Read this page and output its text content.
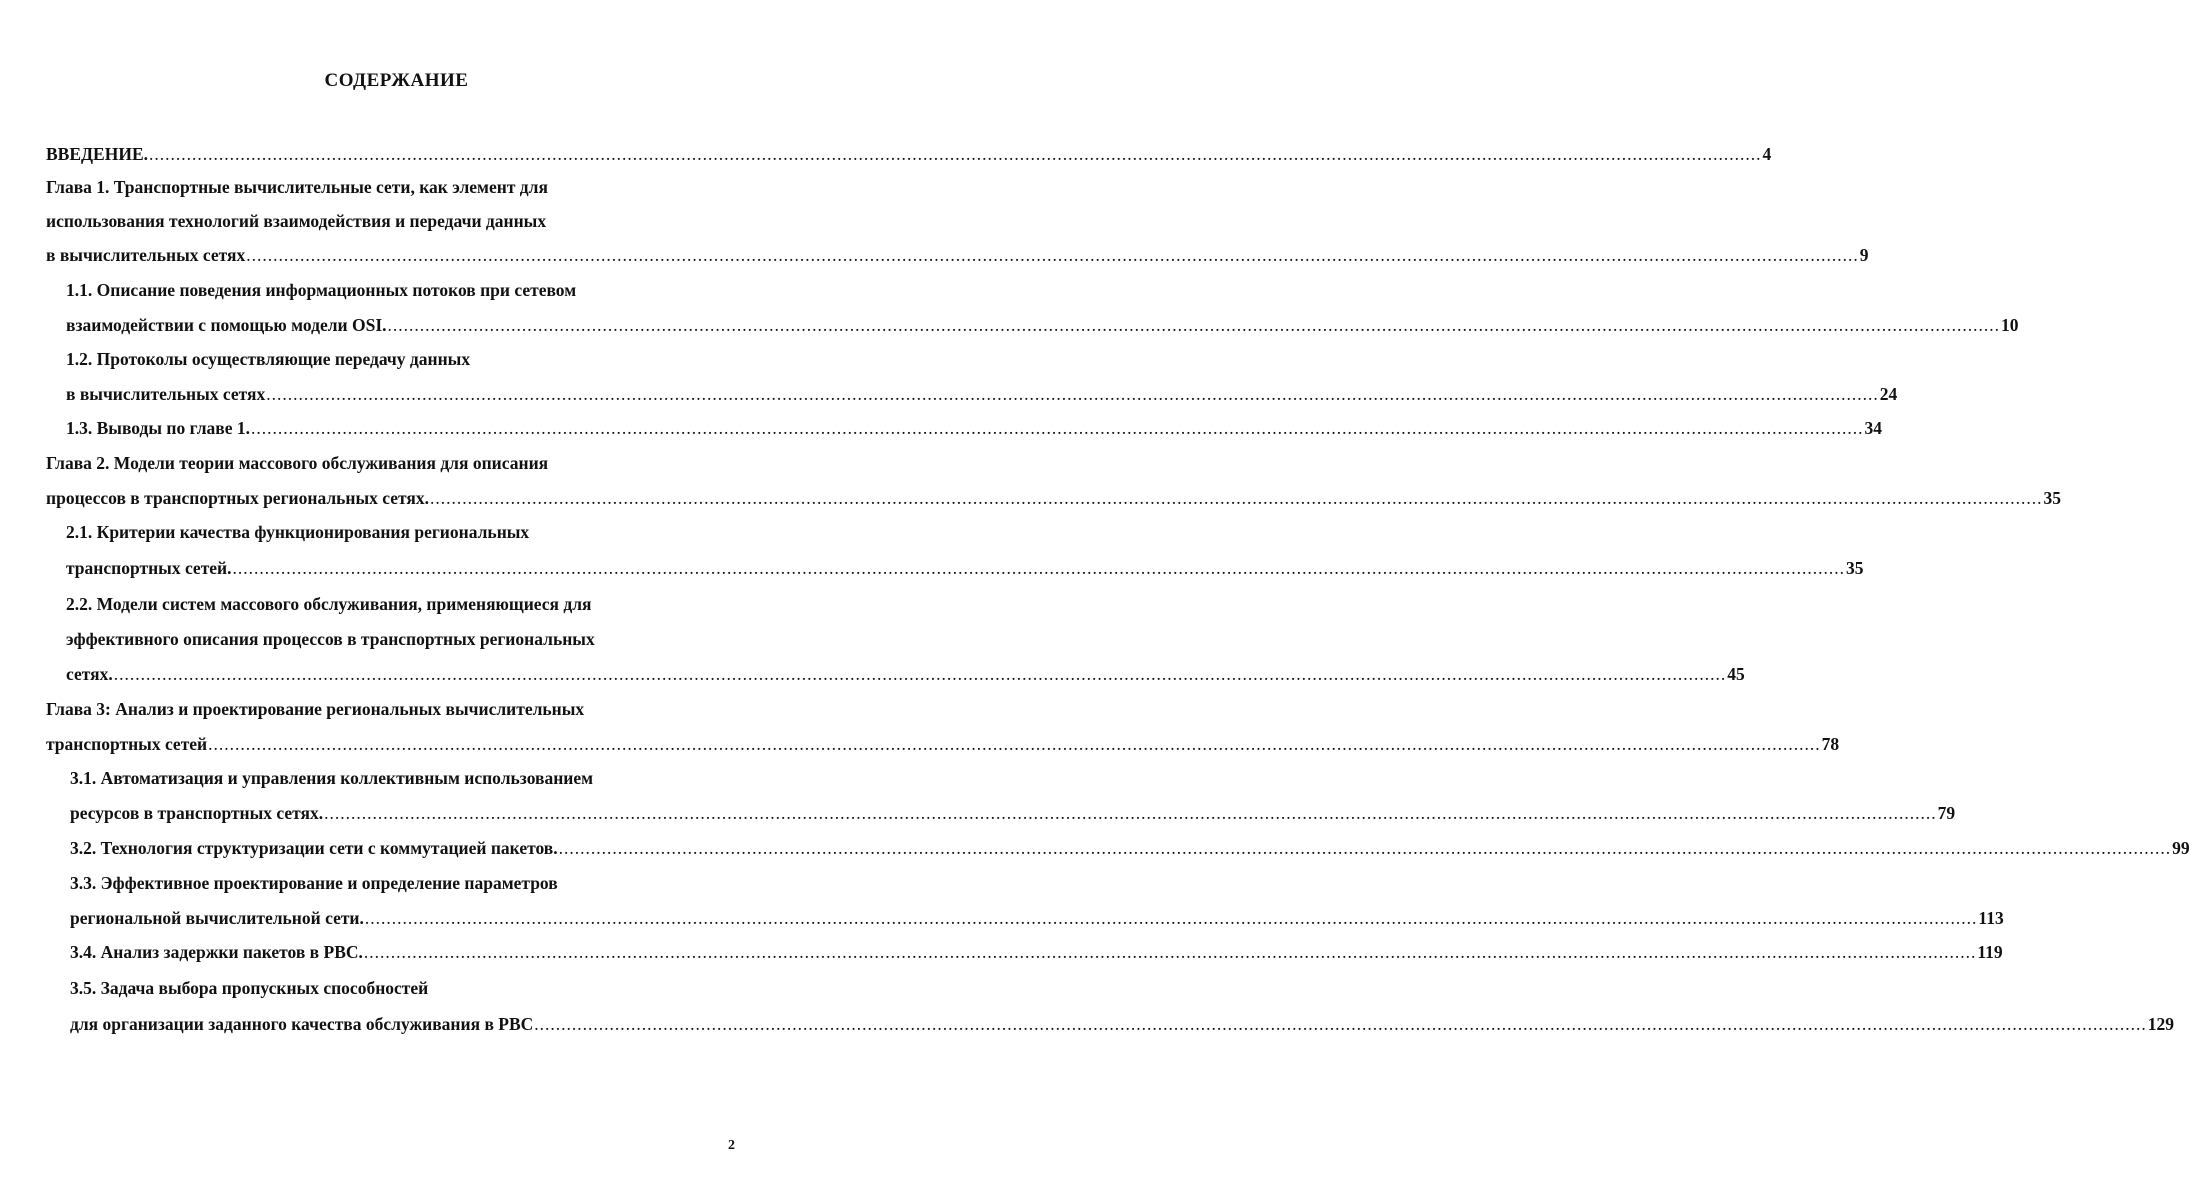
СОДЕРЖАНИЕ
ВВЕДЕНИЕ. ............................................................................................................................................................................................................................................................................................................ 4
Глава 1. Транспортные вычислительные сети, как элемент для
использования технологий взаимодействия и передачи данных
в вычислительных сетях ............................................................................................................................................................................................................................................................................................................ 9
1.1. Описание поведения информационных потоков при сетевом
взаимодействии с помощью модели OSI. ............................................................................................................................................................................................................................................................................................................ 10
1.2. Протоколы осуществляющие передачу данных
в вычислительных сетях ............................................................................................................................................................................................................................................................................................................ 24
1.3. Выводы по главе 1. ............................................................................................................................................................................................................................................................................................................ 34
Глава 2. Модели теории массового обслуживания для описания
процессов в транспортных региональных сетях. ............................................................................................................................................................................................................................................................................................................ 35
2.1. Критерии качества функционирования региональных
транспортных сетей. ............................................................................................................................................................................................................................................................................................................ 35
2.2. Модели систем массового обслуживания, применяющиеся для
эффективного описания процессов в транспортных региональных
сетях. ............................................................................................................................................................................................................................................................................................................ 45
Глава 3: Анализ и проектирование региональных вычислительных
транспортных сетей ............................................................................................................................................................................................................................................................................................................ 78
3.1. Автоматизация и управления коллективным использованием
ресурсов в транспортных сетях. ............................................................................................................................................................................................................................................................................................................ 79
3.2. Технология структуризации сети с коммутацией пакетов. ............................................................................................................................................................................................................................................................................................................ 99
3.3. Эффективное проектирование и определение параметров
региональной вычислительной сети. ............................................................................................................................................................................................................................................................................................................ 113
3.4. Анализ задержки пакетов в РВС. ............................................................................................................................................................................................................................................................................................................ 119
3.5. Задача выбора пропускных способностей
для организации заданного качества обслуживания в РВС ............................................................................................................................................................................................................................................................................................................ 129
2
